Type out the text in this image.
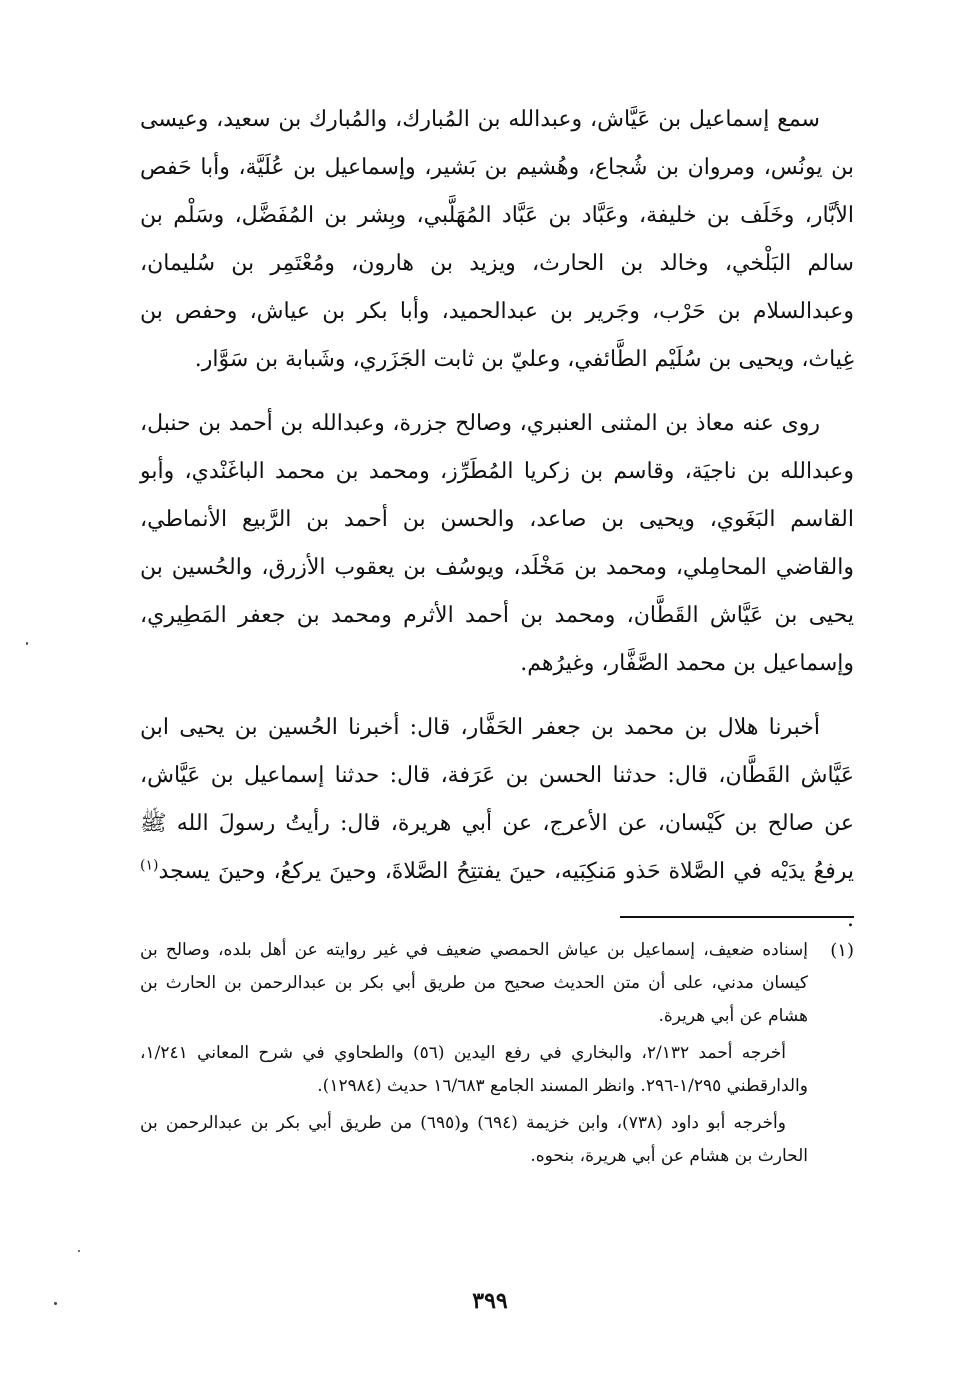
سمع إسماعيل بن عَيَّاش، وعبدالله بن المُبارك، والمُبارك بن سعيد، وعيسى بن يونُس، ومروان بن شُجاع، وهُشيم بن بَشير، وإسماعيل بن عُلَيَّة، وأبا حَفص الأبَّار، وخَلَف بن خليفة، وعَبَّاد بن عَبَّاد المُهَلَّبي، وبِشر بن المُفَضَّل، وسَلْم بن سالم البَلْخي، وخالد بن الحارث، ويزيد بن هارون، ومُعْتَمِر بن سُليمان، وعبدالسلام بن حَرْب، وجَرير بن عبدالحميد، وأبا بكر بن عياش، وحفص بن غِياث، ويحيى بن سُلَيْم الطَّائفي، وعليّ بن ثابت الجَزَري، وشَبابة بن سَوَّار.

روى عنه معاذ بن المثنى العنبري، وصالح جزرة، وعبدالله بن أحمد بن حنبل، وعبدالله بن ناجيَة، وقاسم بن زكريا المُطَرِّز، ومحمد بن محمد الباغَنْدي، وأبو القاسم البَغَوي، ويحيى بن صاعد، والحسن بن أحمد بن الرَّبيع الأنماطي، والقاضي المحامِلي، ومحمد بن مَخْلَد، ويوسُف بن يعقوب الأزرق، والحُسين بن يحيى بن عَيَّاش القَطَّان، ومحمد بن أحمد الأثرم ومحمد بن جعفر المَطِيري، وإسماعيل بن محمد الصَّفَّار، وغيرُهم.

أخبرنا هلال بن محمد بن جعفر الحَفَّار، قال: أخبرنا الحُسين بن يحيى ابن عَيَّاش القَطَّان، قال: حدثنا الحسن بن عَرَفة، قال: حدثنا إسماعيل بن عَيَّاش، عن صالح بن كَيْسان، عن الأعرج، عن أبي هريرة، قال: رأيتُ رسولَ الله ﷺ يرفعُ يدَيْه في الصَّلاة حَذو مَنكِبَيه، حينَ يفتتِحُ الصَّلاةَ، وحينَ يركعُ، وحينَ يسجد$^{(١)}$ .

(١)

إسناده ضعيف، إسماعيل بن عياش الحمصي ضعيف في غير روايته عن أهل بلده، وصالح بن كيسان مدني، على أن متن الحديث صحيح من طريق أبي بكر بن عبدالرحمن بن الحارث بن هشام عن أبي هريرة.

أخرجه أحمد ٢/١٣٢، والبخاري في رفع اليدين (٥٦) والطحاوي في شرح المعاني ١/٢٤١، والدارقطني ١/٢٩٥-٢٩٦. وانظر المسند الجامع ١٦/٦٨٣ حديث (١٢٩٨٤).

وأخرجه أبو داود (٧٣٨)، وابن خزيمة (٦٩٤) و(٦٩٥) من طريق أبي بكر بن عبدالرحمن بن الحارث بن هشام عن أبي هريرة، بنحوه.

٣٩٩
